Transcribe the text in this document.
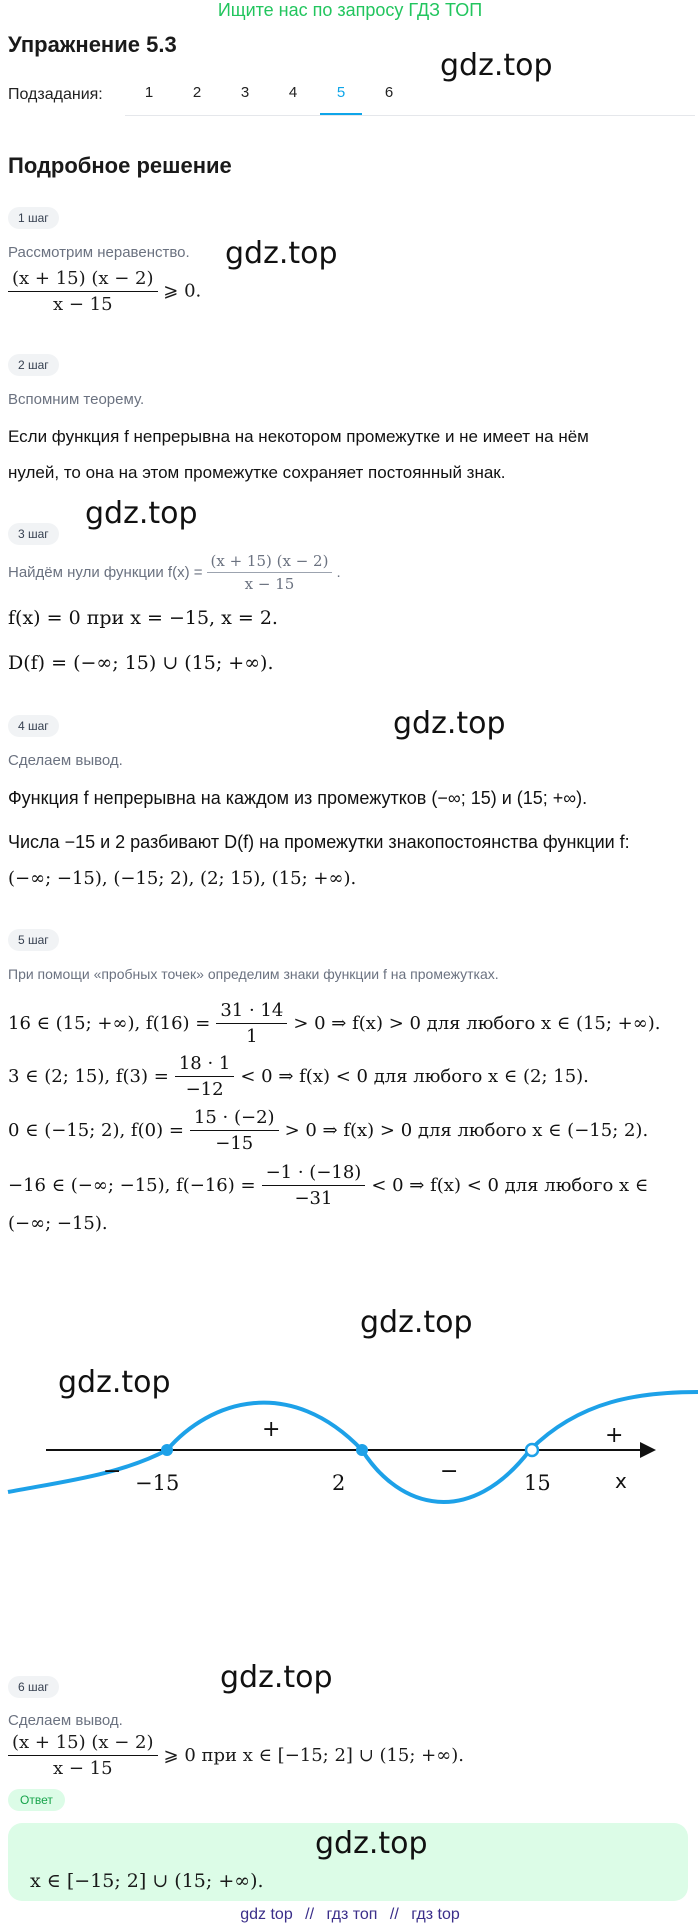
Ищите нас по запросу ГДЗ ТОП
Упражнение 5.3
gdz.top
Подзадания:	1	2	3	4	5	6
Подробное решение
1 шаг
Рассмотрим неравенство. gdz.top
$\frac{(x + 15) (x - 2)}{x - 15}$ ⩾ 0.
2 шаг
Вспомним теорему.
Если функция f непрерывна на некотором промежутке и не имеет на нём
нулей, то она на этом промежутке сохраняет постоянный знак.
3 шаг
gdz.top
Найдём нули функции $f(x) = \frac{(x + 15) (x - 2)}{x - 15}$ .
f(x) = 0 при x = −15, x = 2.
D(f) = (−∞; 15) ∪ (15; +∞).
4 шаг	gdz.top
Сделаем вывод.
Функция f непрерывна на каждом из промежутков (−∞; 15) и (15; +∞).
Числа −15 и 2 разбивают D(f) на промежутки знакопостоянства функции f:
(−∞; −15), (−15; 2), (2; 15), (15; +∞).
5 шаг
При помощи «пробных точек» определим знаки функции f на промежутках.
16 ∈ (15; +∞), $f(16) = \frac{31 \cdot 14}{1} > 0$ ⇒ f(x) > 0 для любого x ∈ (15; +∞).
3 ∈ (2; 15), $f(3) = \frac{18 \cdot 1}{-12} < 0$ ⇒ f(x) < 0 для любого x ∈ (2; 15).
0 ∈ (−15; 2), $f(0) = \frac{15 \cdot (-2)}{-15} > 0$ ⇒ f(x) > 0 для любого x ∈ (−15; 2).
−16 ∈ (−∞; −15), $f(-16) = \frac{-1 \cdot (-18)}{-31} < 0$ ⇒ f(x) < 0 для любого x ∈
(−∞; −15).
gdz.top
gdz.top
−
+
−
+
−15	2	15	x
gdz.top
6 шаг
Сделаем вывод.
$\frac{(x + 15) (x - 2)}{x - 15}$ ⩾ 0 при x ∈ [−15; 2] ∪ (15; +∞).
Ответ
gdz.top
x ∈ [−15; 2] ∪ (15; +∞).
gdz top // гдз топ // гдз top
